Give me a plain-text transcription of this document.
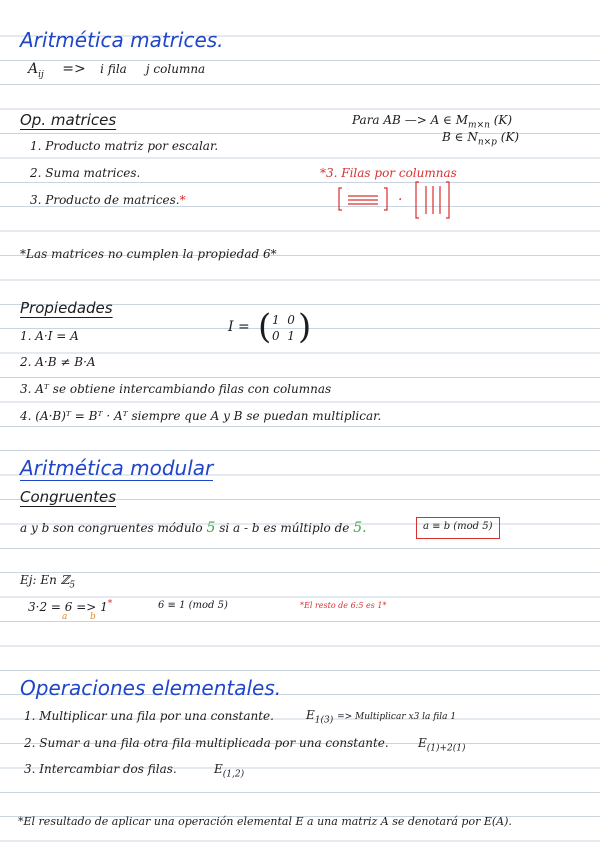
Aritmética matrices.
$A_{ij} => i$ fila     j columna
Op. matrices
1. Producto matriz por escalar.
2. Suma matrices.
3. Producto de matrices.*
Para AB —> A ∈ $M_{m\times n}$ (K)
B ∈ $N_{n\times p}$ (K)
*3. Filas por columnas
·
*Las matrices no cumplen la propiedad 6*
Propiedades
1. A·I = A
2. A·B ≠ B·A
3. Aᵀ se obtiene intercambiando filas con columnas
4. (A·B)ᵀ = Bᵀ · Aᵀ siempre que A y B se puedan multiplicar.
I = ( 1  0
0  1 )
Aritmética modular
Congruentes
a y b son congruentes módulo 5 si a - b es múltiplo de 5.	a ≡ b (mod 5)
Ej: En ℤ$_5$
3·2 = 6 => 1*
a	b
6 ≡ 1 (mod 5)	*El resto de 6:5 es 1*
Operaciones elementales.
1. Multiplicar una fila por una constante.
2. Sumar a una fila otra fila multiplicada por una constante.
3. Intercambiar dos filas.
$E_{1(3)}$ => Multiplicar x3 la fila 1
$E_{(1)+2(1)}$
$E_{(1,2)}$
*El resultado de aplicar una operación elemental E a una matriz A se denotará por E(A).
